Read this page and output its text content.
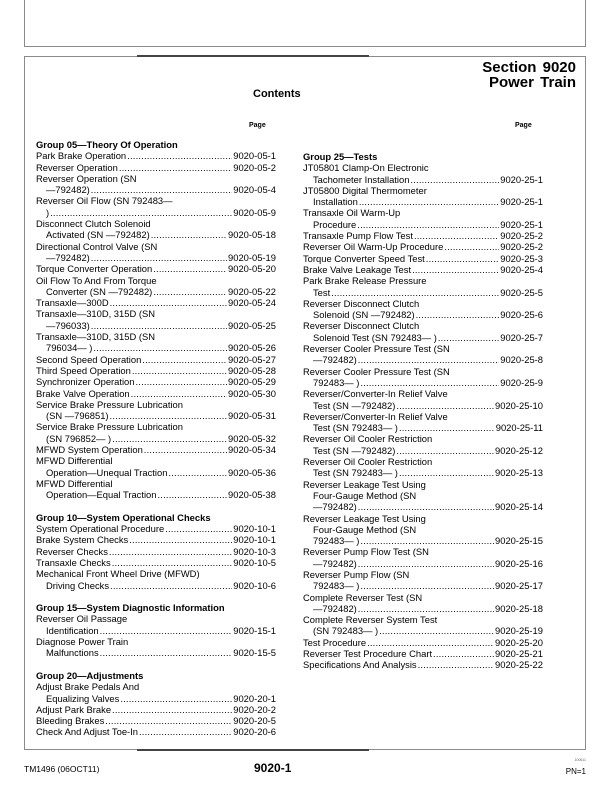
Section 9020
Power Train
Contents
Page	Page
Group 05—Theory Of Operation
Park Brake Operation .....	9020-05-1
Reverser Operation .....	9020-05-2
Reverser Operation (SN
—792482) .....	9020-05-4
Reverser Oil Flow (SN 792483—
) .....	9020-05-9
Disconnect Clutch Solenoid
Activated (SN —792482) .....	9020-05-18
Directional Control Valve (SN
—792482) .....	9020-05-19
Torque Converter Operation .....	9020-05-20
Oil Flow To And From Torque
Converter (SN —792482) .....	9020-05-22
Transaxle—300D .....	9020-05-24
Transaxle—310D, 315D (SN
—796033) .....	9020-05-25
Transaxle—310D, 315D (SN
796034— ) .....	9020-05-26
Second Speed Operation .....	9020-05-27
Third Speed Operation .....	9020-05-28
Synchronizer Operation .....	9020-05-29
Brake Valve Operation .....	9020-05-30
Service Brake Pressure Lubrication
(SN —796851) .....	9020-05-31
Service Brake Pressure Lubrication
(SN 796852— ) .....	9020-05-32
MFWD System Operation .....	9020-05-34
MFWD Differential
Operation—Unequal Traction .....	9020-05-36
MFWD Differential
Operation—Equal Traction .....	9020-05-38
Group 10—System Operational Checks
System Operational Procedure .....	9020-10-1
Brake System Checks .....	9020-10-1
Reverser Checks .....	9020-10-3
Transaxle Checks .....	9020-10-5
Mechanical Front Wheel Drive (MFWD)
Driving Checks .....	9020-10-6
Group 15—System Diagnostic Information
Reverser Oil Passage
Identification .....	9020-15-1
Diagnose Power Train
Malfunctions .....	9020-15-5
Group 20—Adjustments
Adjust Brake Pedals And
Equalizing Valves .....	9020-20-1
Adjust Park Brake .....	9020-20-2
Bleeding Brakes .....	9020-20-5
Check And Adjust Toe-In .....	9020-20-6
Group 25—Tests
JT05801 Clamp-On Electronic
Tachometer Installation .....	9020-25-1
JT05800 Digital Thermometer
Installation .....	9020-25-1
Transaxle Oil Warm-Up
Procedure .....	9020-25-1
Transaxle Pump Flow Test .....	9020-25-2
Reverser Oil Warm-Up Procedure .....	9020-25-2
Torque Converter Speed Test .....	9020-25-3
Brake Valve Leakage Test .....	9020-25-4
Park Brake Release Pressure
Test .....	9020-25-5
Reverser Disconnect Clutch
Solenoid (SN —792482) .....	9020-25-6
Reverser Disconnect Clutch
Solenoid Test (SN 792483— ) .....	9020-25-7
Reverser Cooler Pressure Test (SN
—792482) .....	9020-25-8
Reverser Cooler Pressure Test (SN
792483— ) .....	9020-25-9
Reverser/Converter-In Relief Valve
Test (SN —792482) .....	9020-25-10
Reverser/Converter-In Relief Valve
Test (SN 792483— ) .....	9020-25-11
Reverser Oil Cooler Restriction
Test (SN —792482) .....	9020-25-12
Reverser Oil Cooler Restriction
Test (SN 792483— ) .....	9020-25-13
Reverser Leakage Test Using
Four-Gauge Method (SN
—792482) .....	9020-25-14
Reverser Leakage Test Using
Four-Gauge Method (SN
792483— ) .....	9020-25-15
Reverser Pump Flow Test (SN
—792482) .....	9020-25-16
Reverser Pump Flow (SN
792483— ) .....	9020-25-17
Complete Reverser Test (SN
—792482) .....	9020-25-18
Complete Reverser System Test
(SN 792483— ) .....	9020-25-19
Test Procedure .....	9020-25-20
Reverser Test Procedure Chart .....	9020-25-21
Specifications And Analysis .....	9020-25-22
TM1496 (06OCT11)	9020-1
100611
PN=1
